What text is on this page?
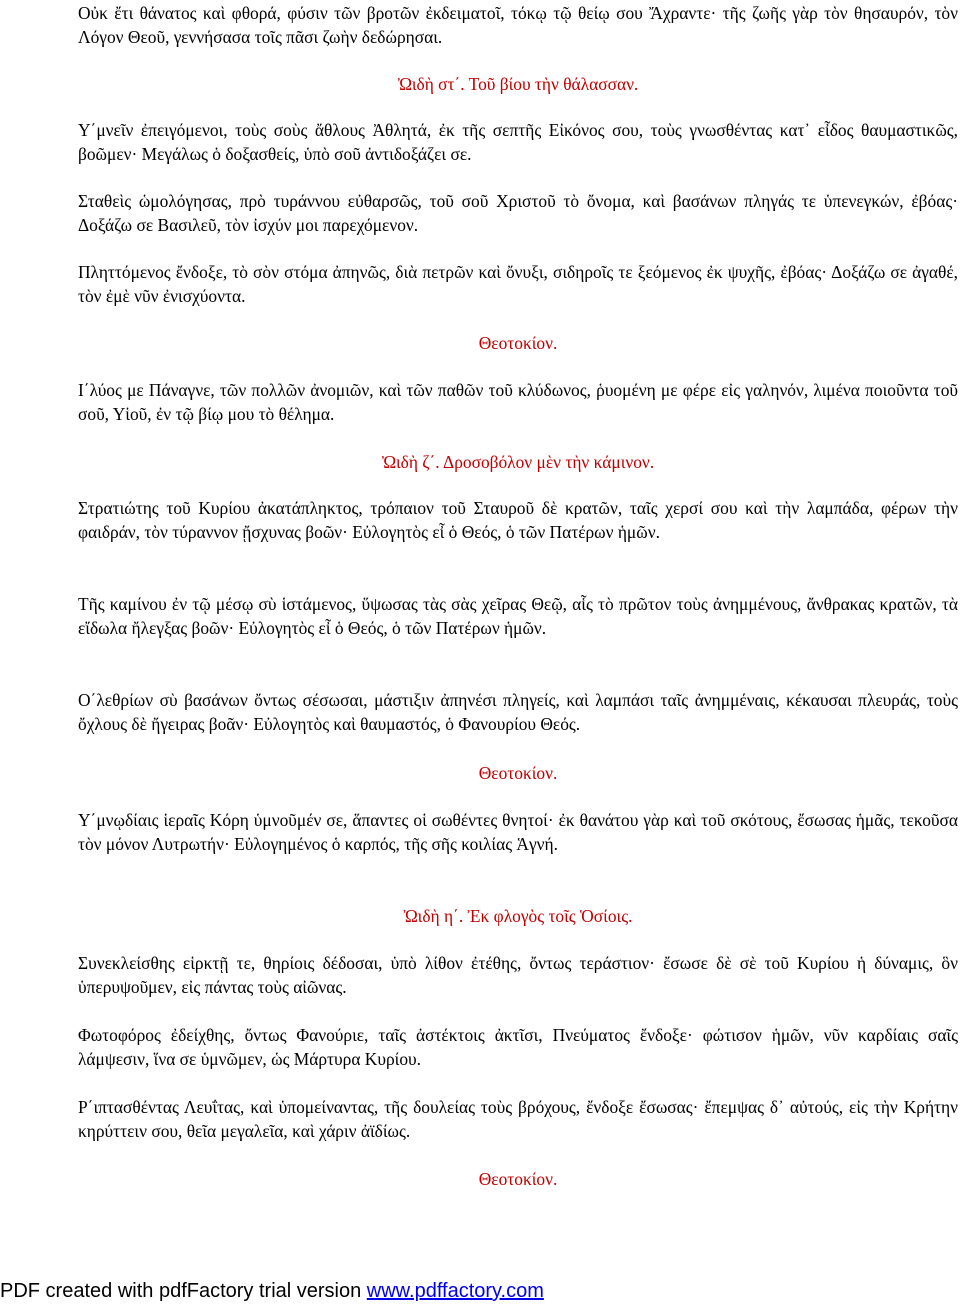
Οὐκ ἔτι θάνατος καὶ φθορά, φύσιν τῶν βροτῶν ἐκδειματοῖ, τόκῳ τῷ θείῳ σου Ἄχραντε· τῆς ζωῆς γὰρ τὸν θησαυρόν, τὸν Λόγον Θεοῦ, γεννήσασα τοῖς πᾶσι ζωὴν δεδώρησαι.

Ὠιδὴ στ΄. Τοῦ βίου τὴν θάλασσαν.

Υ΄μνεῖν ἐπειγόμενοι, τοὺς σοὺς ἄθλους Ἀθλητά, ἐκ τῆς σεπτῆς Εἰκόνος σου, τοὺς γνωσθέντας κατ᾽ εἶδος θαυμαστικῶς, βοῶμεν· Μεγάλως ὁ δοξασθείς, ὑπὸ σοῦ ἀντιδοξάζει σε.

Σταθεὶς ὡμολόγησας, πρὸ τυράννου εὐθαρσῶς, τοῦ σοῦ Χριστοῦ τὸ ὄνομα, καὶ βασάνων πληγάς τε ὑπενεγκών, ἐβόας· Δοξάζω σε Βασιλεῦ, τὸν ἰσχύν μοι παρεχόμενον.

Πληττόμενος ἔνδοξε, τὸ σὸν στόμα ἀπηνῶς, διὰ πετρῶν καὶ ὄνυξι, σιδηροῖς τε ξεόμενος ἐκ ψυχῆς, ἐβόας· Δοξάζω σε ἀγαθέ, τὸν ἐμὲ νῦν ἐνισχύοντα.

Θεοτοκίον.

Ι΄λύος με Πάναγνε, τῶν πολλῶν ἀνομιῶν, καὶ τῶν παθῶν τοῦ κλύδωνος, ῥυομένη με φέρε εἰς γαληνόν, λιμένα ποιοῦντα τοῦ σοῦ, Υἱοῦ, ἐν τῷ βίῳ μου τὸ θέλημα.

Ὠιδὴ ζ΄. Δροσοβόλον μὲν τὴν κάμινον.

Στρατιώτης τοῦ Κυρίου ἀκατάπληκτος, τρόπαιον τοῦ Σταυροῦ δὲ κρατῶν, ταῖς χερσί σου καὶ τὴν λαμπάδα, φέρων τὴν φαιδράν, τὸν τύραννον ᾔσχυνας βοῶν· Εὐλογητὸς εἶ ὁ Θεός, ὁ τῶν Πατέρων ἡμῶν.

Τῆς καμίνου ἐν τῷ μέσῳ σὺ ἱστάμενος, ὕψωσας τὰς σὰς χεῖρας Θεῷ, αἷς τὸ πρῶτον τοὺς ἀνημμένους, ἄνθρακας κρατῶν, τὰ εἴδωλα ἤλεγξας βοῶν· Εὐλογητὸς εἶ ὁ Θεός, ὁ τῶν Πατέρων ἡμῶν.

Ο΄λεθρίων σὺ βασάνων ὄντως σέσωσαι, μάστιξιν ἀπηνέσι πληγείς, καὶ λαμπάσι ταῖς ἀνημμέναις, κέκαυσαι πλευράς, τοὺς ὄχλους δὲ ἤγειρας βοᾶν· Εὐλογητὸς καὶ θαυμαστός, ὁ Φανουρίου Θεός.

Θεοτοκίον.

Υ΄μνῳδίαις ἱεραῖς Κόρη ὑμνοῦμέν σε, ἅπαντες οἱ σωθέντες θνητοί· ἐκ θανάτου γὰρ καὶ τοῦ σκότους, ἔσωσας ἡμᾶς, τεκοῦσα τὸν μόνον Λυτρωτήν· Εὐλογημένος ὁ καρπός, τῆς σῆς κοιλίας Ἁγνή.

Ὠιδὴ η΄. Ἐκ φλογὸς τοῖς Ὁσίοις.

Συνεκλείσθης εἱρκτῇ τε, θηρίοις δέδοσαι, ὑπὸ λίθον ἐτέθης, ὄντως τεράστιον· ἔσωσε δὲ σὲ τοῦ Κυρίου ἡ δύναμις, ὃν ὑπερυψοῦμεν, εἰς πάντας τοὺς αἰῶνας.

Φωτοφόρος ἐδείχθης, ὄντως Φανούριε, ταῖς ἀστέκτοις ἀκτῖσι, Πνεύματος ἔνδοξε· φώτισον ἡμῶν, νῦν καρδίαις σαῖς λάμψεσιν, ἵνα σε ὑμνῶμεν, ὡς Μάρτυρα Κυρίου.

Ρ΄ιπτασθέντας Λευΐτας, καὶ ὑπομείναντας, τῆς δουλείας τοὺς βρόχους, ἔνδοξε ἔσωσας· ἔπεμψας δ᾽ αὐτούς, εἰς τὴν Κρήτην κηρύττειν σου, θεῖα μεγαλεῖα, καὶ χάριν ἀϊδίως.

Θεοτοκίον.

PDF created with pdfFactory trial version www.pdffactory.com
